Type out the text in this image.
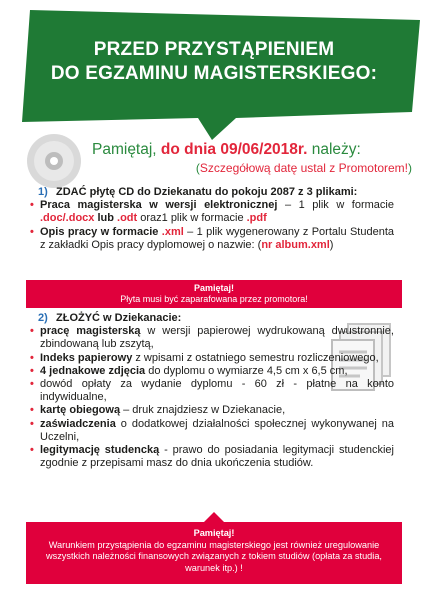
PRZED PRZYSTĄPIENIEM
DO EGZAMINU MAGISTERSKIEGO:
Pamiętaj, do dnia 09/06/2018r. należy:
(Szczegółową datę ustal z Promotorem!)
1) ZDAĆ płytę CD do Dziekanatu do pokoju 2087 z 3 plikami:
• Praca magisterska w wersji elektronicznej – 1 plik w formacie .doc/.docx lub .odt oraz1 plik w formacie .pdf
• Opis pracy w formacie .xml – 1 plik wygenerowany z Portalu Studenta z zakładki Opis pracy dyplomowej o nazwie: (nr album.xml)
Pamiętaj!
Płyta musi być zaparafowana przez promotora!
2) ZŁOŻYĆ w Dziekanacie:
• pracę magisterską w wersji papierowej wydrukowaną dwustronnie, zbindowaną lub zszytą,
• Indeks papierowy z wpisami z ostatniego semestru rozliczeniowego,
• 4 jednakowe zdjęcia do dyplomu o wymiarze 4,5 cm x 6,5 cm,
• dowód opłaty za wydanie dyplomu - 60 zł - płatne na konto indywidualne,
• kartę obiegową – druk znajdziesz w Dziekanacie,
• zaświadczenia o dodatkowej działalności społecznej wykonywanej na Uczelni,
• legitymację studencką - prawo do posiadania legitymacji studenckiej zgodnie z przepisami masz do dnia ukończenia studiów.
Pamiętaj!
Warunkiem przystąpienia do egzaminu magisterskiego jest również uregulowanie wszystkich należności finansowych związanych z tokiem studiów (opłata za studia, warunek itp.) !
